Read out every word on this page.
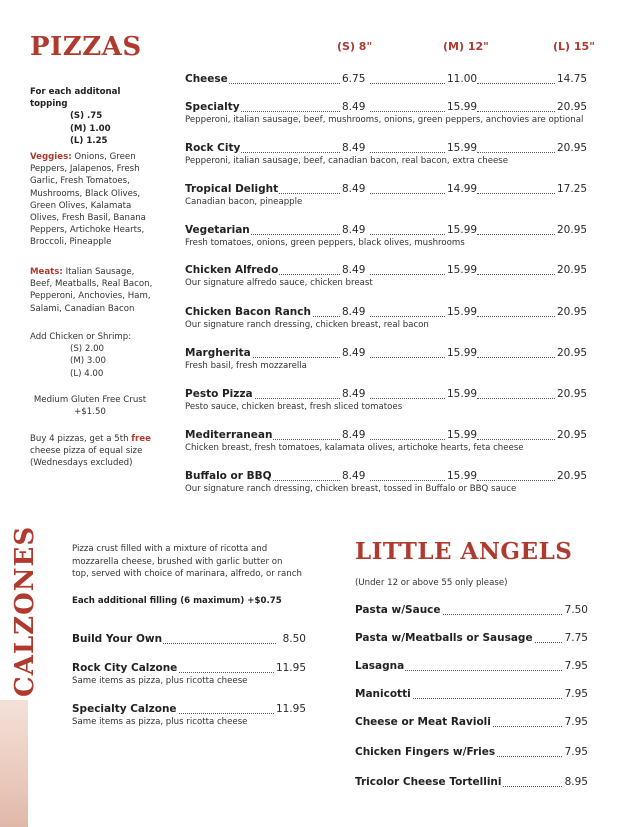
PIZZAS	(S) 8"	(M) 12"	(L) 15"
For each additonal topping
(S) .75
(M) 1.00
(L) 1.25
Veggies: Onions, Green Peppers, Jalapenos, Fresh Garlic, Fresh Tomatoes, Mushrooms, Black Olives, Green Olives, Kalamata Olives, Fresh Basil, Banana Peppers, Artichoke Hearts, Broccoli, Pineapple
Meats: Italian Sausage, Beef, Meatballs, Real Bacon, Pepperoni, Anchovies, Ham, Salami, Canadian Bacon
Add Chicken or Shrimp:
(S) 2.00
(M) 3.00
(L) 4.00
Medium Gluten Free Crust
+$1.50
Buy 4 pizzas, get a 5th free cheese pizza of equal size (Wednesdays excluded)
Cheese	6.75	11.00	14.75
Specialty	8.49	15.99	20.95
Pepperoni, italian sausage, beef, mushrooms, onions, green peppers, anchovies are optional
Rock City	8.49	15.99	20.95
Pepperoni, italian sausage, beef, canadian bacon, real bacon, extra cheese
Tropical Delight	8.49	14.99	17.25
Canadian bacon, pineapple
Vegetarian	8.49	15.99	20.95
Fresh tomatoes, onions, green peppers, black olives, mushrooms
Chicken Alfredo	8.49	15.99	20.95
Our signature alfredo sauce, chicken breast
Chicken Bacon Ranch	8.49	15.99	20.95
Our signature ranch dressing, chicken breast, real bacon
Margherita	8.49	15.99	20.95
Fresh basil, fresh mozzarella
Pesto Pizza	8.49	15.99	20.95
Pesto sauce, chicken breast, fresh sliced tomatoes
Mediterranean	8.49	15.99	20.95
Chicken breast, fresh tomatoes, kalamata olives, artichoke hearts, feta cheese
Buffalo or BBQ	8.49	15.99	20.95
Our signature ranch dressing, chicken breast, tossed in Buffalo or BBQ sauce
CALZONES	Pizza crust filled with a mixture of ricotta and mozzarella cheese, brushed with garlic butter on top, served with choice of marinara, alfredo, or ranch
Each additional filling (6 maximum) +$0.75
Build Your Own	8.50
Rock City Calzone	11.95
Same items as pizza, plus ricotta cheese
Specialty Calzone	11.95
Same items as pizza, plus ricotta cheese
LITTLE ANGELS
(Under 12 or above 55 only please)
Pasta w/Sauce	7.50
Pasta w/Meatballs or Sausage	7.75
Lasagna	7.95
Manicotti	7.95
Cheese or Meat Ravioli	7.95
Chicken Fingers w/Fries	7.95
Tricolor Cheese Tortellini	8.95
